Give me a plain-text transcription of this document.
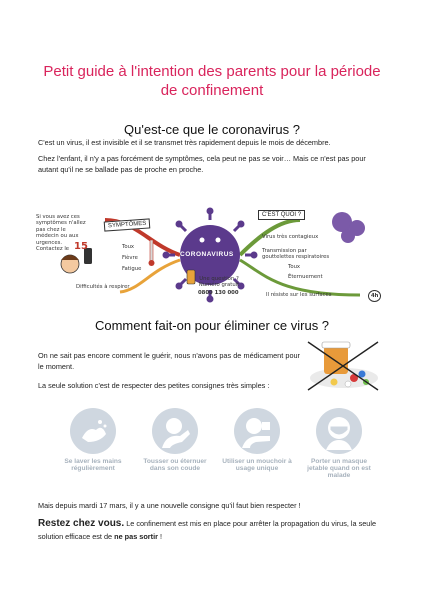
Petit guide à l'intention des parents pour la période de confinement
Qu'est-ce que le coronavirus ?
C'est un virus, il est invisible et il se transmet très rapidement depuis le mois de décembre.
Chez l'enfant, il n'y a pas forcément de symptômes, cela peut ne pas se voir… Mais ce n'est pas pour autant qu'il ne se ballade pas de proche en proche.
Si vous avez ces symptômes n'allez pas chez le médecin ou aux urgences. Contactez le 15
SYMPTÔMES
Toux
Fièvre
Fatigue
Difficultés à respirer
CORONAVIRUS
Une question ? Numéro gratuit
0800 130 000
C'EST QUOI ?
Virus très contagieux
Transmission par gouttelettes respiratoires
Toux
Éternuement
Il résiste sur les surfaces	4h
Comment fait-on pour éliminer ce virus ?
On ne sait pas encore comment le guérir, nous n'avons pas de médicament pour le moment.
La seule solution c'est de respecter des petites consignes très simples :
Se laver les mains régulièrement
Tousser ou éternuer dans son coude
Utiliser un mouchoir à usage unique
Porter un masque jetable quand on est malade
Mais depuis mardi 17 mars, il y a une nouvelle consigne qu'il faut bien respecter !
Restez chez vous. Le confinement est mis en place pour arrêter la propagation du virus, la seule solution efficace est de ne pas sortir !
